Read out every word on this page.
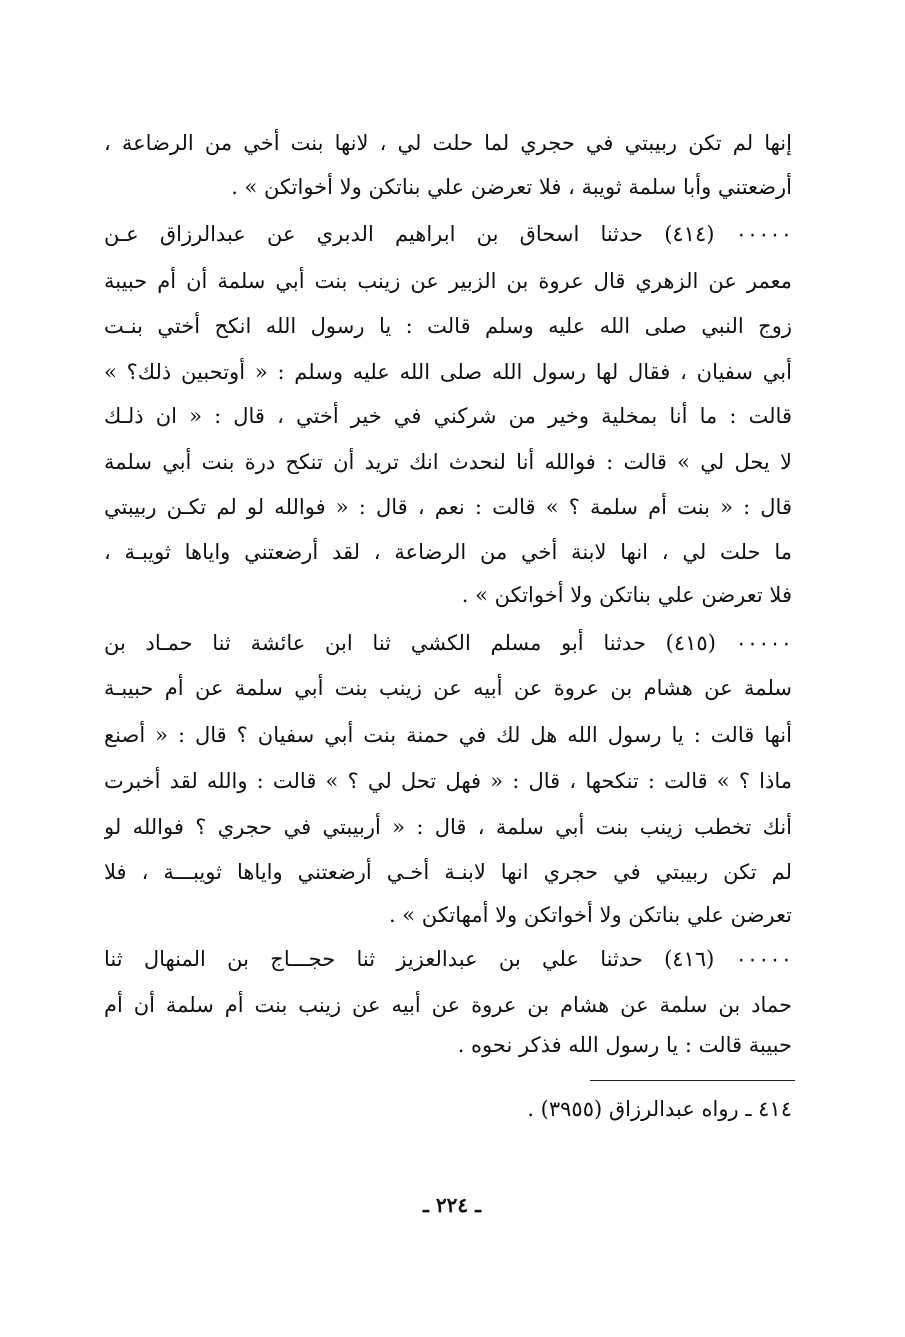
إنها لم تكن ربيبتي في حجري لما حلت لي ، لانها بنت أخي من الرضاعة ،
أرضعتني وأبا سلمة ثويبة ، فلا تعرضن علي بناتكن ولا أخواتكن » .
٠٠٠٠٠ (٤١٤) حدثنا اسحاق بن ابراهيم الدبري عن عبدالرزاق عـن
معمر عن الزهري قال عروة بن الزبير عن زينب بنت أبي سلمة أن أم حبيبة
زوج النبي صلى الله عليه وسلم قالت : يا رسول الله انكح أختي بنـت
أبي سفيان ، فقال لها رسول الله صلى الله عليه وسلم : « أوتحبين ذلك؟ »
قالت : ما أنا بمخلية وخير من شركني في خير أختي ، قال : « ان ذلـك
لا يحل لي » قالت : فوالله أنا لنحدث انك تريد أن تنكح درة بنت أبي سلمة
قال : « بنت أم سلمة ؟ » قالت : نعم ، قال : « فوالله لو لم تكـن ربيبتي
ما حلت لي ، انها لابنة أخي من الرضاعة ، لقد أرضعتني واياها ثويبـة ،
فلا تعرضن علي بناتكن ولا أخواتكن » .
٠٠٠٠٠ (٤١٥) حدثنا أبو مسلم الكشي ثنا ابن عائشة ثنا حمـاد بن
سلمة عن هشام بن عروة عن أبيه عن زينب بنت أبي سلمة عن أم حبيبـة
أنها قالت : يا رسول الله هل لك في حمنة بنت أبي سفيان ؟ قال : « أصنع
ماذا ؟ » قالت : تنكحها ، قال : « فهل تحل لي ؟ » قالت : والله لقد أخبرت
أنك تخطب زينب بنت أبي سلمة ، قال : « أربيبتي في حجري ؟ فوالله لو
لم تكن ربيبتي في حجري انها لابنـة أخـي أرضعتني واياها ثويبـــة ، فلا
تعرضن علي بناتكن ولا أخواتكن ولا أمهاتكن » .
٠٠٠٠٠ (٤١٦) حدثنا علي بن عبدالعزيز ثنا حجـــاج بن المنهال ثنا
حماد بن سلمة عن هشام بن عروة عن أبيه عن زينب بنت أم سلمة أن أم
حبيبة قالت : يا رسول الله فذكر نحوه .
٤١٤ ـ رواه عبدالرزاق (٣٩٥٥) .
ـ ٢٢٤ ـ
